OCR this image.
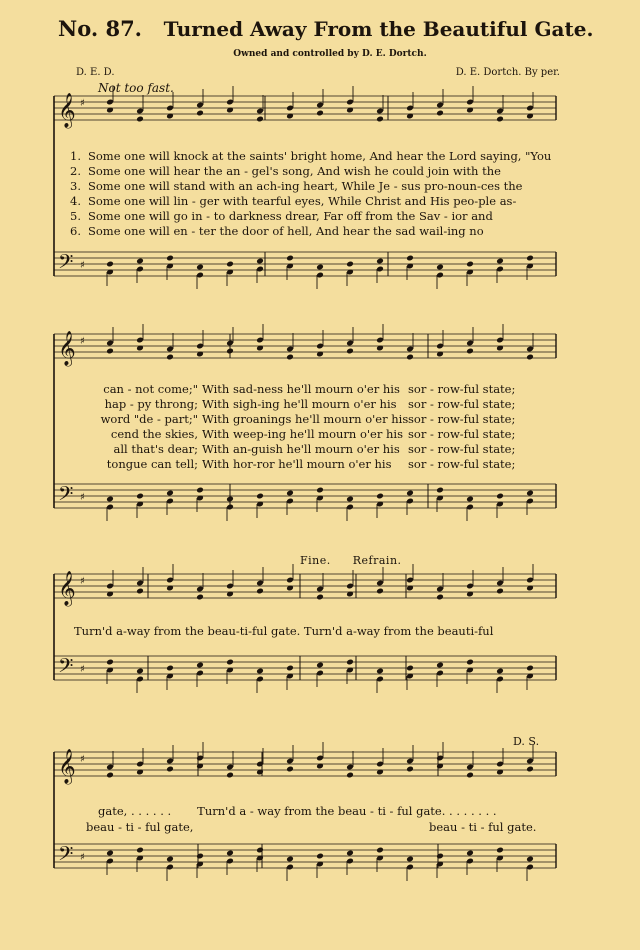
No. 87. Turned Away From the Beautiful Gate.
Owned and controlled by D. E. Dortch.
D. E. D.	D. E. Dortch. By per.
Not too fast.
𝄞
𝄢
♯
♯
𝄞
𝄢
♯
♯
𝄞
𝄢
♯
♯
𝄞
𝄢
♯
♯
1. Some one will knock at the saints' bright home, And hear the Lord saying, "You
2. Some one will hear the an - gel's song, And wish he could join with the
3. Some one will stand with an ach-ing heart, While Je - sus pro-noun-ces the
4. Some one will lin - ger with tearful eyes, While Christ and His peo-ple as-
5. Some one will go in - to darkness drear, Far off from the Sav - ior and
6. Some one will en - ter the door of hell, And hear the sad wail-ing no
can - not come;" With sad-ness he'll mourn o'er his sor - row-ful state;
hap - py throng; With sigh-ing he'll mourn o'er his sor - row-ful state;
word "de - part;" With groanings he'll mourn o'er his sor - row-ful state;
cend the skies, With weep-ing he'll mourn o'er his sor - row-ful state;
all that's dear; With an-guish he'll mourn o'er his sor - row-ful state;
tongue can tell; With hor-ror he'll mourn o'er his	sor - row-ful state;
Fine. Refrain.
Turn'd a-way from the beau-ti-ful gate. Turn'd a-way from the beauti-ful
D. S.
gate, . . . . . . Turn'd a - way from the beau - ti - ful gate. . . . . . . .
beau - ti - ful gate,	beau - ti - ful gate.
